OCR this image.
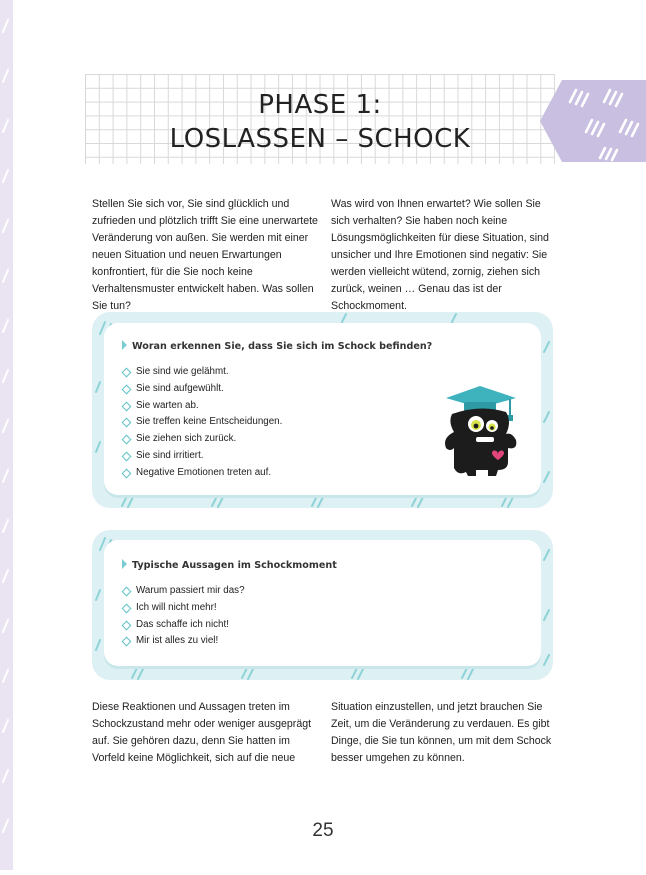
PHASE 1:
LOSLASSEN – SCHOCK
Stellen Sie sich vor, Sie sind glücklich und zufrieden und plötzlich trifft Sie eine unerwartete Veränderung von außen. Sie werden mit einer neuen Situation und neuen Erwartungen konfrontiert, für die Sie noch keine Verhaltensmuster entwickelt haben. Was sollen Sie tun?
Was wird von Ihnen erwartet? Wie sollen Sie sich verhalten? Sie haben noch keine Lösungsmöglichkeiten für diese Situation, sind unsicher und Ihre Emotionen sind negativ: Sie werden vielleicht wütend, zornig, ziehen sich zurück, weinen … Genau das ist der Schockmoment.
Woran erkennen Sie, dass Sie sich im Schock befinden?
Sie sind wie gelähmt.
Sie sind aufgewühlt.
Sie warten ab.
Sie treffen keine Entscheidungen.
Sie ziehen sich zurück.
Sie sind irritiert.
Negative Emotionen treten auf.
Typische Aussagen im Schockmoment
Warum passiert mir das?
Ich will nicht mehr!
Das schaffe ich nicht!
Mir ist alles zu viel!
Diese Reaktionen und Aussagen treten im Schockzustand mehr oder weniger ausgeprägt auf. Sie gehören dazu, denn Sie hatten im Vorfeld keine Möglichkeit, sich auf die neue
Situation einzustellen, und jetzt brauchen Sie Zeit, um die Veränderung zu verdauen. Es gibt Dinge, die Sie tun können, um mit dem Schock besser umgehen zu können.
25
